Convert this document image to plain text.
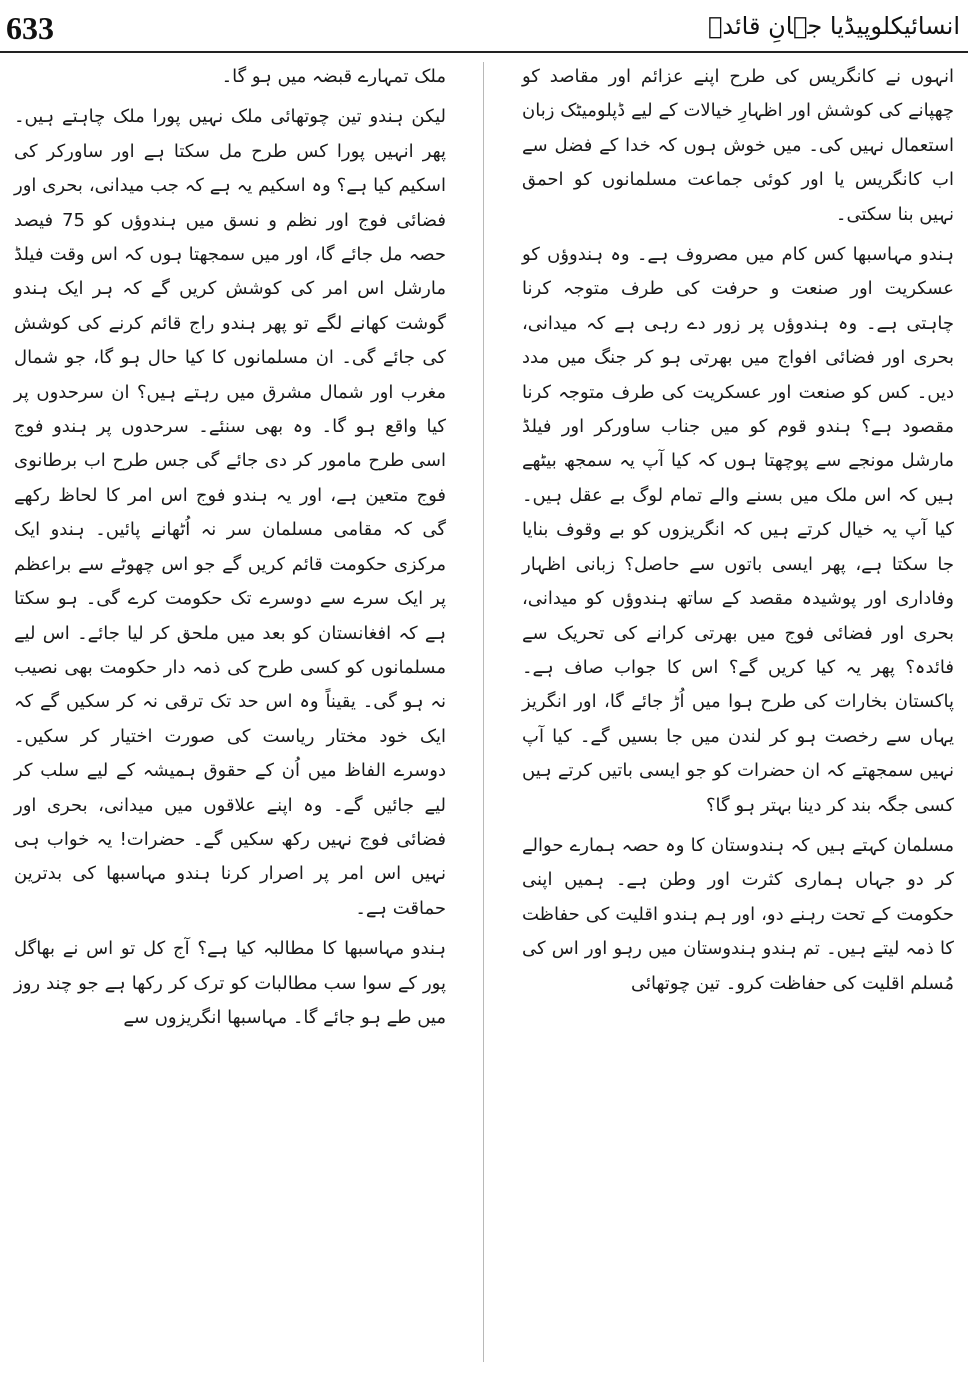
633	انسائیکلوپیڈیا جہانِ قائدؒ

انہوں نے کانگریس کی طرح اپنے عزائم اور مقاصد کو چھپانے کی کوشش اور اظہارِ خیالات کے لیے ڈپلومیٹک زبان استعمال نہیں کی۔ میں خوش ہوں کہ خدا کے فضل سے اب کانگریس یا اور کوئی جماعت مسلمانوں کو احمق نہیں بنا سکتی۔

ہندو مہاسبھا کس کام میں مصروف ہے۔ وہ ہندوؤں کو عسکریت اور صنعت و حرفت کی طرف متوجہ کرنا چاہتی ہے۔ وہ ہندوؤں پر زور دے رہی ہے کہ میدانی، بحری اور فضائی افواج میں بھرتی ہو کر جنگ میں مدد دیں۔ کس کو صنعت اور عسکریت کی طرف متوجہ کرنا مقصود ہے؟ ہندو قوم کو میں جناب ساورکر اور فیلڈ مارشل مونجے سے پوچھتا ہوں کہ کیا آپ یہ سمجھ بیٹھے ہیں کہ اس ملک میں بسنے والے تمام لوگ بے عقل ہیں۔ کیا آپ یہ خیال کرتے ہیں کہ انگریزوں کو بے وقوف بنایا جا سکتا ہے، پھر ایسی باتوں سے حاصل؟ زبانی اظہار وفاداری اور پوشیدہ مقصد کے ساتھ ہندوؤں کو میدانی، بحری اور فضائی فوج میں بھرتی کرانے کی تحریک سے فائدہ؟ پھر یہ کیا کریں گے؟ اس کا جواب صاف ہے۔ پاکستان بخارات کی طرح ہوا میں اُڑ جائے گا، اور انگریز یہاں سے رخصت ہو کر لندن میں جا بسیں گے۔ کیا آپ نہیں سمجھتے کہ ان حضرات کو جو ایسی باتیں کرتے ہیں کسی جگہ بند کر دینا بہتر ہو گا؟

مسلمان کہتے ہیں کہ ہندوستان کا وہ حصہ ہمارے حوالے کر دو جہاں ہماری کثرت اور وطن ہے۔ ہمیں اپنی حکومت کے تحت رہنے دو، اور ہم ہندو اقلیت کی حفاظت کا ذمہ لیتے ہیں۔ تم ہندو ہندوستان میں رہو اور اس کی مُسلم اقلیت کی حفاظت کرو۔ تین چوتھائی

ملک تمہارے قبضہ میں ہو گا۔

لیکن ہندو تین چوتھائی ملک نہیں پورا ملک چاہتے ہیں۔ پھر انہیں پورا کس طرح مل سکتا ہے اور ساورکر کی اسکیم کیا ہے؟ وہ اسکیم یہ ہے کہ جب میدانی، بحری اور فضائی فوج اور نظم و نسق میں ہندوؤں کو 75 فیصد حصہ مل جائے گا، اور میں سمجھتا ہوں کہ اس وقت فیلڈ مارشل اس امر کی کوشش کریں گے کہ ہر ایک ہندو گوشت کھانے لگے تو پھر ہندو راج قائم کرنے کی کوشش کی جائے گی۔ ان مسلمانوں کا کیا حال ہو گا، جو شمال مغرب اور شمال مشرق میں رہتے ہیں؟ ان سرحدوں پر کیا واقع ہو گا۔ وہ بھی سنئے۔ سرحدوں پر ہندو فوج اسی طرح مامور کر دی جائے گی جس طرح اب برطانوی فوج متعین ہے، اور یہ ہندو فوج اس امر کا لحاظ رکھے گی کہ مقامی مسلمان سر نہ اُٹھانے پائیں۔ ہندو ایک مرکزی حکومت قائم کریں گے جو اس چھوٹے سے براعظم پر ایک سرے سے دوسرے تک حکومت کرے گی۔ ہو سکتا ہے کہ افغانستان کو بعد میں ملحق کر لیا جائے۔ اس لیے مسلمانوں کو کسی طرح کی ذمہ دار حکومت بھی نصیب نہ ہو گی۔ یقیناً وہ اس حد تک ترقی نہ کر سکیں گے کہ ایک خود مختار ریاست کی صورت اختیار کر سکیں۔ دوسرے الفاظ میں اُن کے حقوق ہمیشہ کے لیے سلب کر لیے جائیں گے۔ وہ اپنے علاقوں میں میدانی، بحری اور فضائی فوج نہیں رکھ سکیں گے۔ حضرات! یہ خواب ہی نہیں اس امر پر اصرار کرنا ہندو مہاسبھا کی بدترین حماقت ہے۔

ہندو مہاسبھا کا مطالبہ کیا ہے؟ آج کل تو اس نے بھاگل پور کے سوا سب مطالبات کو ترک کر رکھا ہے جو چند روز میں طے ہو جائے گا۔ مہاسبھا انگریزوں سے
